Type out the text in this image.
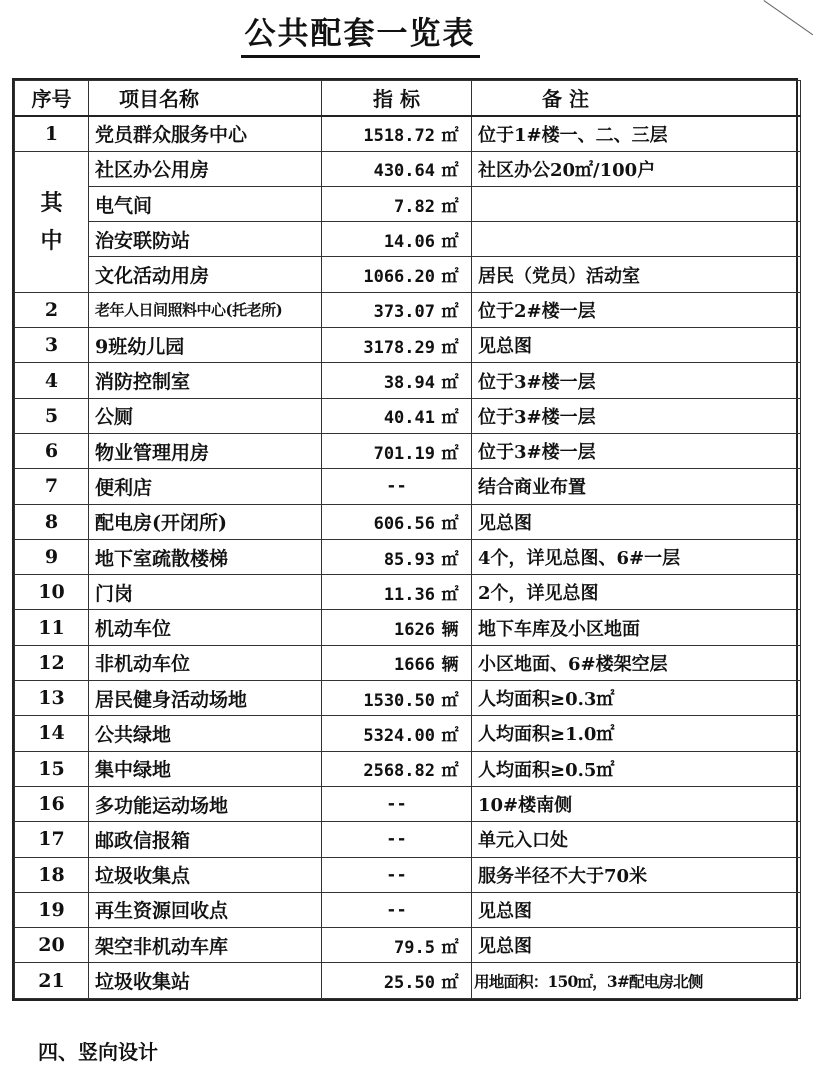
公共配套一览表
序号	项目名称	指 标	备 注
1	党员群众服务中心	1518.72 ㎡	位于1#楼一、二、三层
其中	社区办公用房	430.64 ㎡	社区办公20㎡/100户
	电气间	7.82 ㎡	
	治安联防站	14.06 ㎡	
	文化活动用房	1066.20 ㎡	居民（党员）活动室
2	老年人日间照料中心(托老所)	373.07 ㎡	位于2#楼一层
3	9班幼儿园	3178.29 ㎡	见总图
4	消防控制室	38.94 ㎡	位于3#楼一层
5	公厕	40.41 ㎡	位于3#楼一层
6	物业管理用房	701.19 ㎡	位于3#楼一层
7	便利店	--	结合商业布置
8	配电房(开闭所)	606.56 ㎡	见总图
9	地下室疏散楼梯	85.93 ㎡	4个，详见总图、6#一层
10	门岗	11.36 ㎡	2个，详见总图
11	机动车位	1626 辆	地下车库及小区地面
12	非机动车位	1666 辆	小区地面、6#楼架空层
13	居民健身活动场地	1530.50 ㎡	人均面积≥0.3㎡
14	公共绿地	5324.00 ㎡	人均面积≥1.0㎡
15	集中绿地	2568.82 ㎡	人均面积≥0.5㎡
16	多功能运动场地	--	10#楼南侧
17	邮政信报箱	--	单元入口处
18	垃圾收集点	--	服务半径不大于70米
19	再生资源回收点	--	见总图
20	架空非机动车库	79.5 ㎡	见总图
21	垃圾收集站	25.50 ㎡	用地面积：150㎡，3#配电房北侧
四、竖向设计
